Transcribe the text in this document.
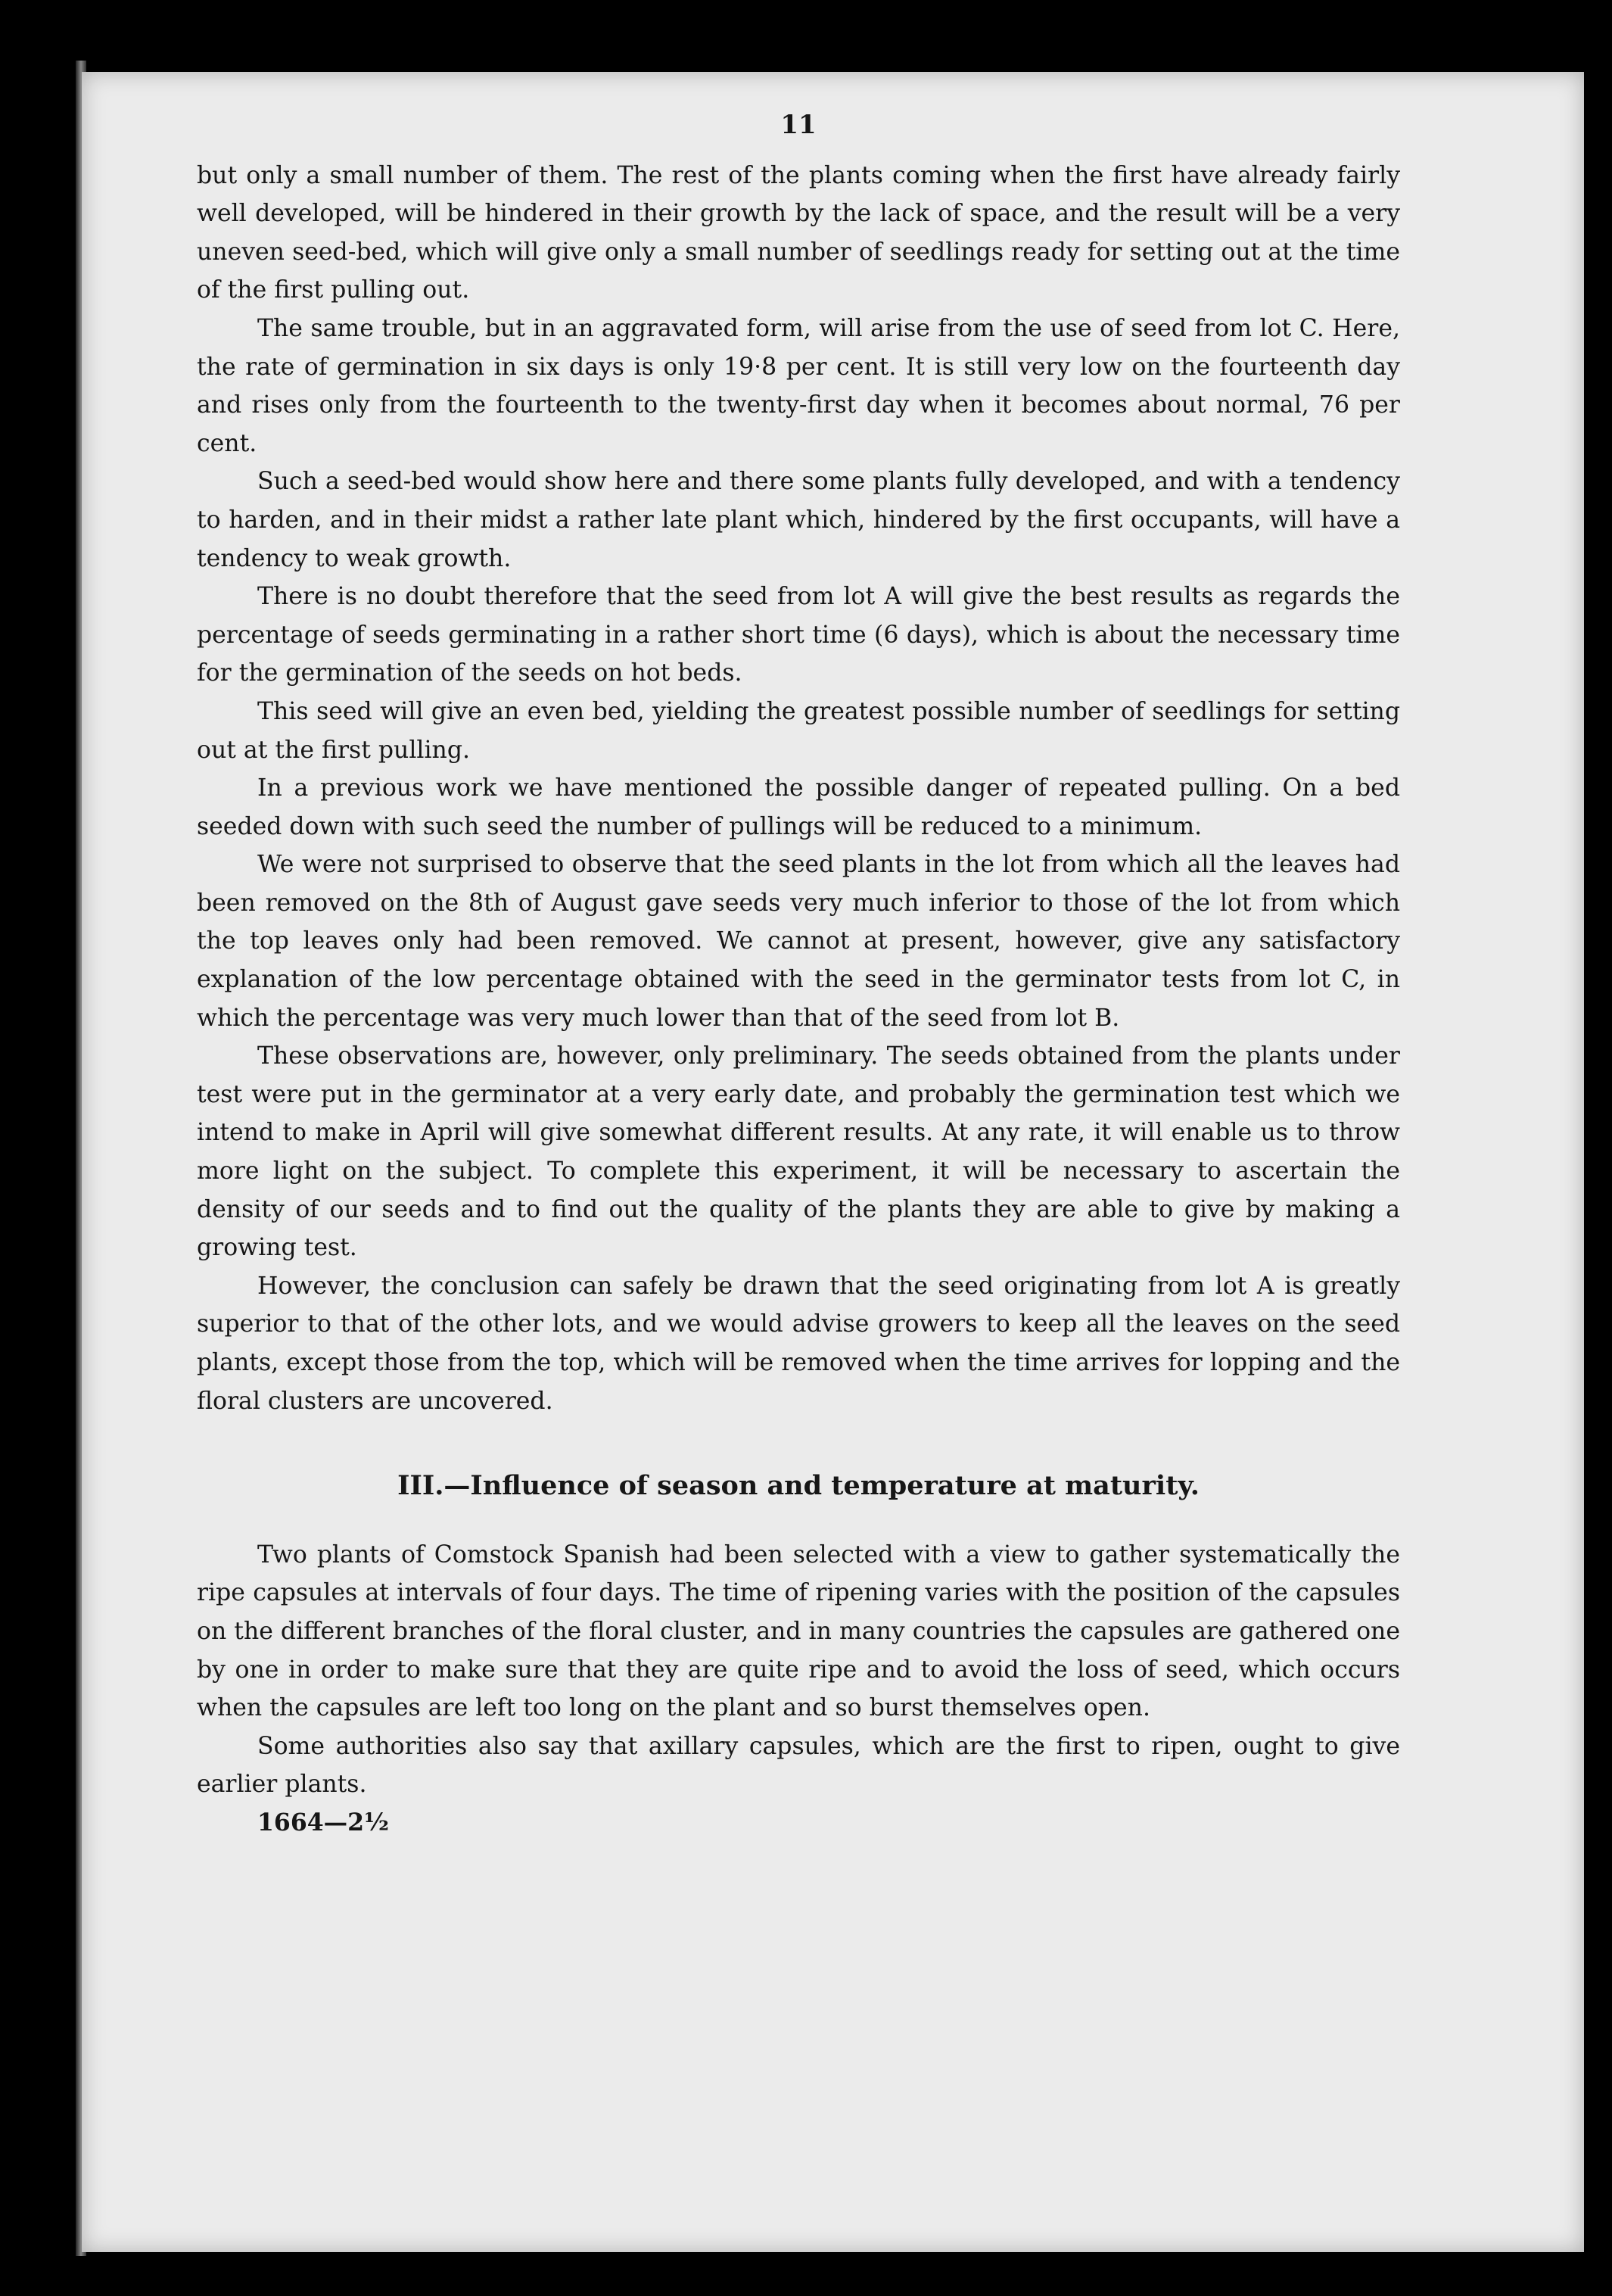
11

but only a small number of them. The rest of the plants coming when the first have already fairly well developed, will be hindered in their growth by the lack of space, and the result will be a very uneven seed-bed, which will give only a small number of seedlings ready for setting out at the time of the first pulling out.

The same trouble, but in an aggravated form, will arise from the use of seed from lot C. Here, the rate of germination in six days is only 19·8 per cent. It is still very low on the fourteenth day and rises only from the fourteenth to the twenty-first day when it becomes about normal, 76 per cent.

Such a seed-bed would show here and there some plants fully developed, and with a tendency to harden, and in their midst a rather late plant which, hindered by the first occupants, will have a tendency to weak growth.

There is no doubt therefore that the seed from lot A will give the best results as regards the percentage of seeds germinating in a rather short time (6 days), which is about the necessary time for the germination of the seeds on hot beds.

This seed will give an even bed, yielding the greatest possible number of seedlings for setting out at the first pulling.

In a previous work we have mentioned the possible danger of repeated pulling. On a bed seeded down with such seed the number of pullings will be reduced to a minimum.

We were not surprised to observe that the seed plants in the lot from which all the leaves had been removed on the 8th of August gave seeds very much inferior to those of the lot from which the top leaves only had been removed. We cannot at present, however, give any satisfactory explanation of the low percentage obtained with the seed in the germinator tests from lot C, in which the percentage was very much lower than that of the seed from lot B.

These observations are, however, only preliminary. The seeds obtained from the plants under test were put in the germinator at a very early date, and probably the germination test which we intend to make in April will give somewhat different results. At any rate, it will enable us to throw more light on the subject. To complete this experiment, it will be necessary to ascertain the density of our seeds and to find out the quality of the plants they are able to give by making a growing test.

However, the conclusion can safely be drawn that the seed originating from lot A is greatly superior to that of the other lots, and we would advise growers to keep all the leaves on the seed plants, except those from the top, which will be removed when the time arrives for lopping and the floral clusters are uncovered.

III.—Influence of season and temperature at maturity.

Two plants of Comstock Spanish had been selected with a view to gather systematically the ripe capsules at intervals of four days. The time of ripening varies with the position of the capsules on the different branches of the floral cluster, and in many countries the capsules are gathered one by one in order to make sure that they are quite ripe and to avoid the loss of seed, which occurs when the capsules are left too long on the plant and so burst themselves open.

Some authorities also say that axillary capsules, which are the first to ripen, ought to give earlier plants.

1664—2½
